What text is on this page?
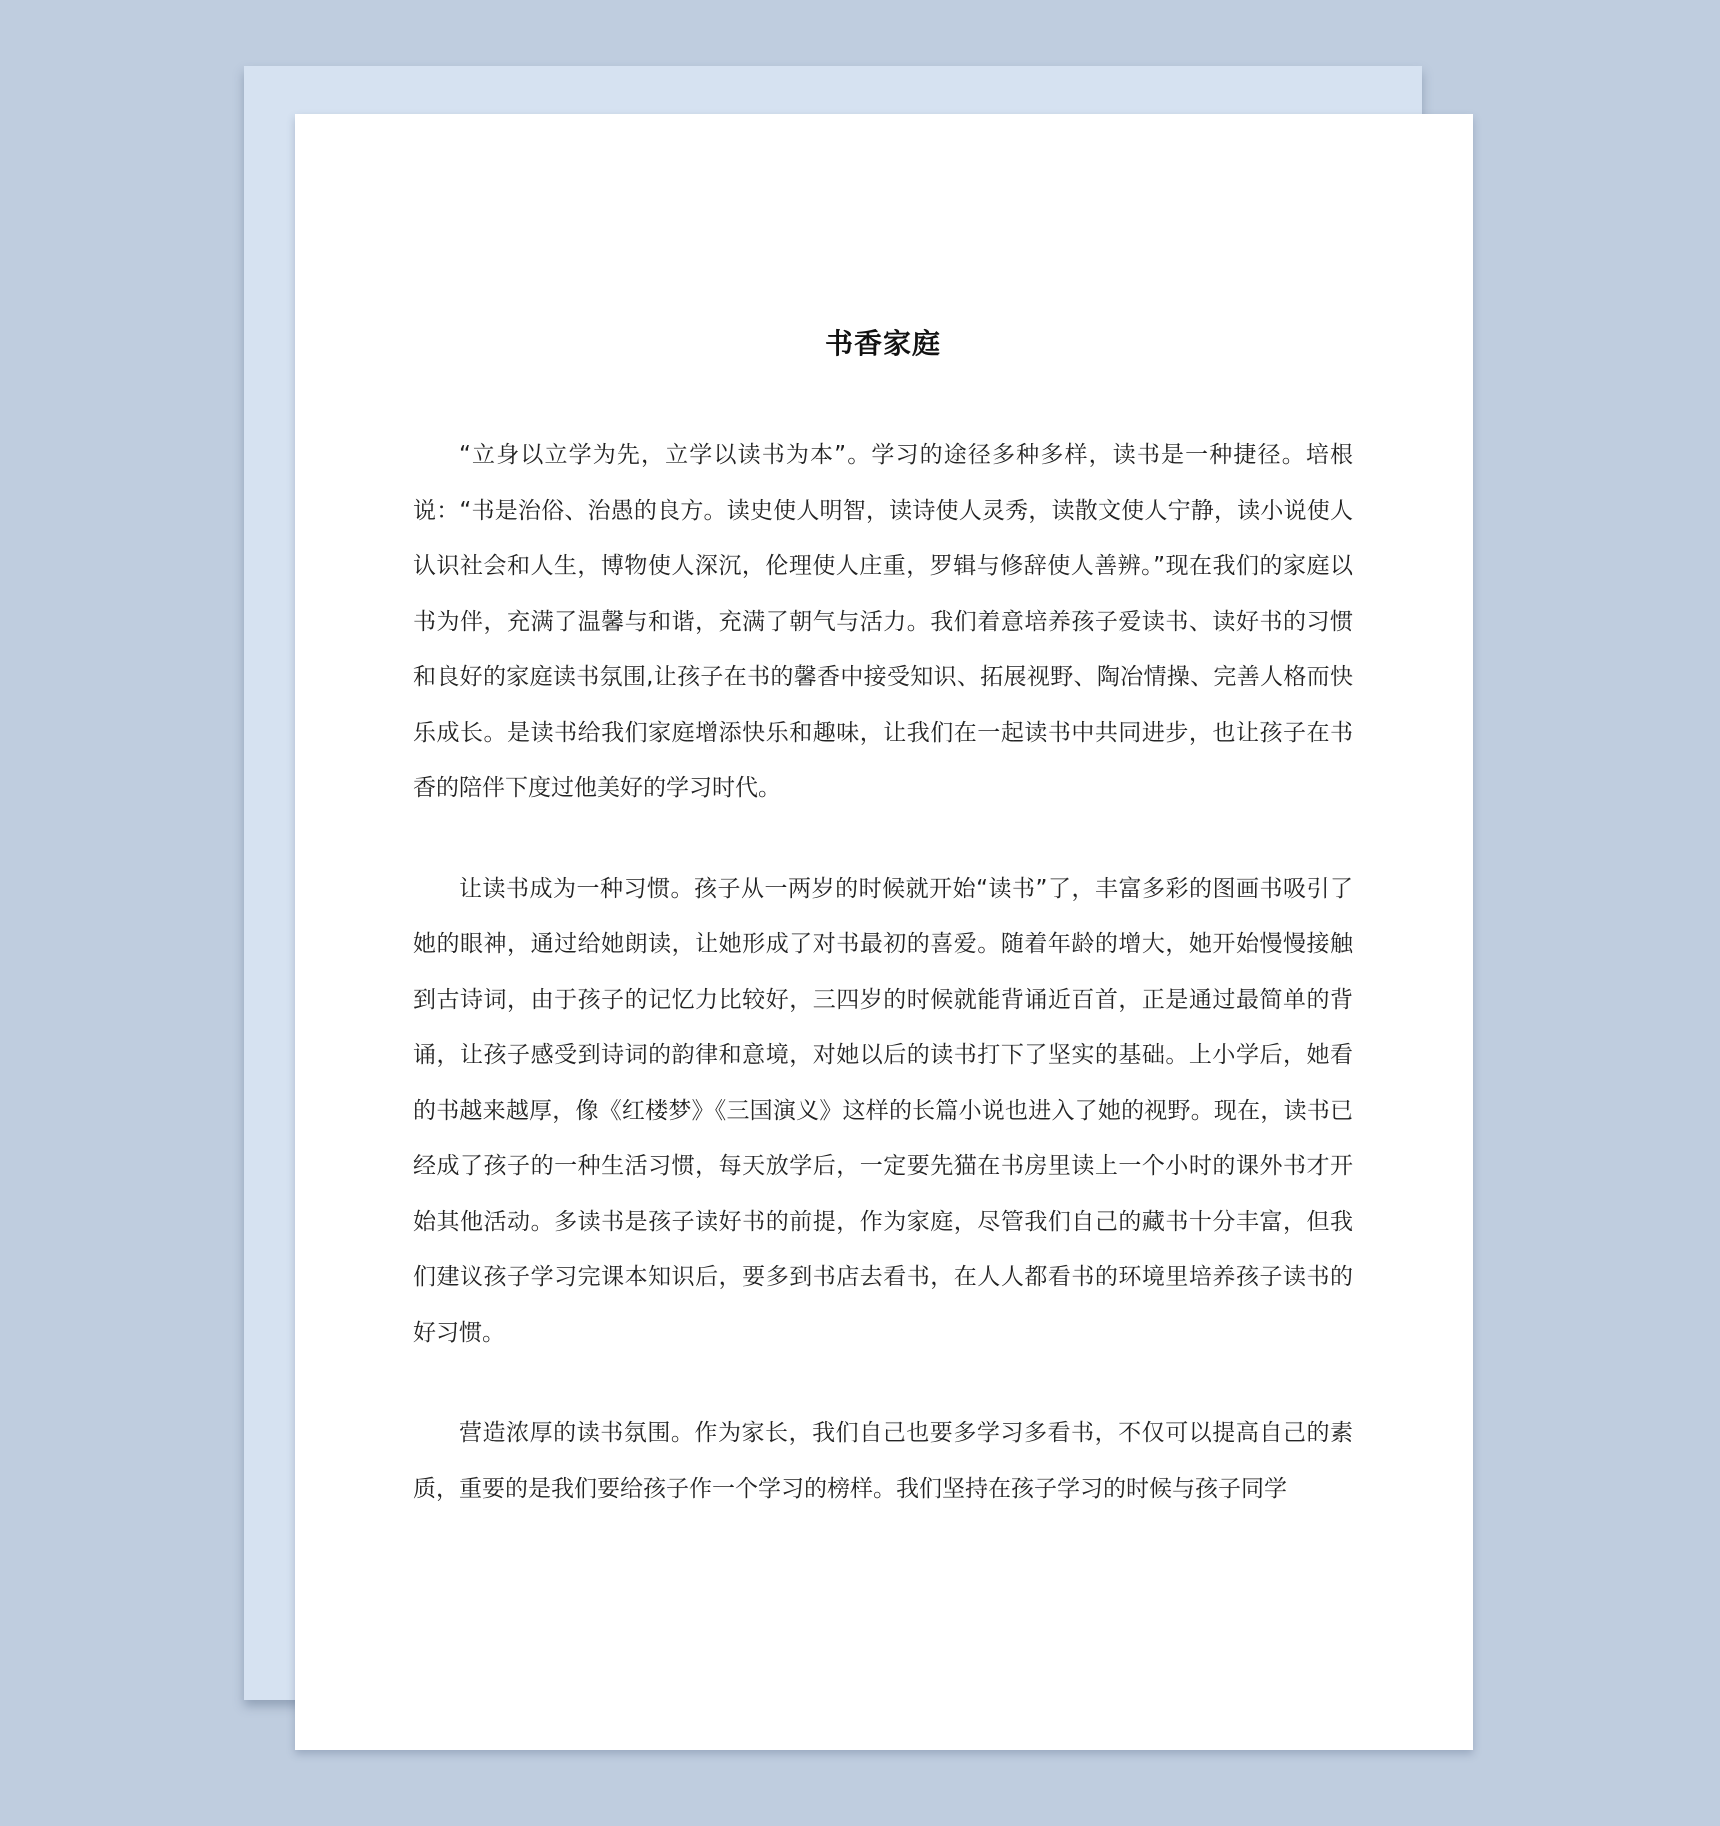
书香家庭

“立身以立学为先，立学以读书为本”。学习的途径多种多样，读书是一种捷径。培根说：“书是治俗、治愚的良方。读史使人明智，读诗使人灵秀，读散文使人宁静，读小说使人认识社会和人生，博物使人深沉，伦理使人庄重，罗辑与修辞使人善辨。”现在我们的家庭以书为伴，充满了温馨与和谐，充满了朝气与活力。我们着意培养孩子爱读书、读好书的习惯和良好的家庭读书氛围,让孩子在书的馨香中接受知识、拓展视野、陶冶情操、完善人格而快乐成长。是读书给我们家庭增添快乐和趣味，让我们在一起读书中共同进步，也让孩子在书香的陪伴下度过他美好的学习时代。

让读书成为一种习惯。孩子从一两岁的时候就开始“读书”了，丰富多彩的图画书吸引了她的眼神，通过给她朗读，让她形成了对书最初的喜爱。随着年龄的增大，她开始慢慢接触到古诗词，由于孩子的记忆力比较好，三四岁的时候就能背诵近百首，正是通过最简单的背诵，让孩子感受到诗词的韵律和意境，对她以后的读书打下了坚实的基础。上小学后，她看的书越来越厚，像《红楼梦》《三国演义》这样的长篇小说也进入了她的视野。现在，读书已经成了孩子的一种生活习惯，每天放学后，一定要先猫在书房里读上一个小时的课外书才开始其他活动。多读书是孩子读好书的前提，作为家庭，尽管我们自己的藏书十分丰富，但我们建议孩子学习完课本知识后，要多到书店去看书，在人人都看书的环境里培养孩子读书的好习惯。

营造浓厚的读书氛围。作为家长，我们自己也要多学习多看书，不仅可以提高自己的素质，重要的是我们要给孩子作一个学习的榜样。我们坚持在孩子学习的时候与孩子同学
